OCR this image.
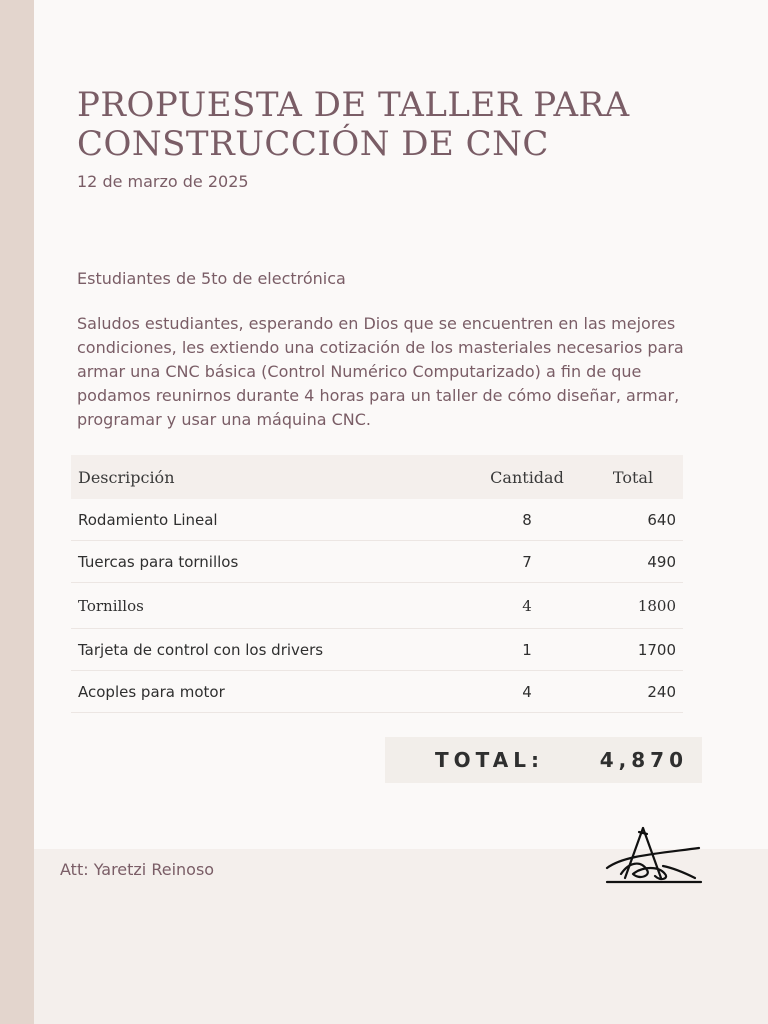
PROPUESTA DE TALLER PARA CONSTRUCCIÓN DE CNC
12 de marzo de 2025
Estudiantes de 5to de electrónica

Saludos estudiantes, esperando en Dios que se encuentren en las mejores condiciones, les extiendo una cotización de los masteriales necesarios para armar una CNC básica (Control Numérico Computarizado) a fin de que podamos reunirnos durante 4 horas para un taller de cómo diseñar, armar, programar y usar una máquina CNC.

Descripción	Cantidad	Total
Rodamiento Lineal	8	640
Tuercas para tornillos	7	490
Tornillos	4	1800
Tarjeta de control con los drivers	1	1700
Acoples para motor	4	240
TOTAL:	4,870
Att: Yaretzi Reinoso
